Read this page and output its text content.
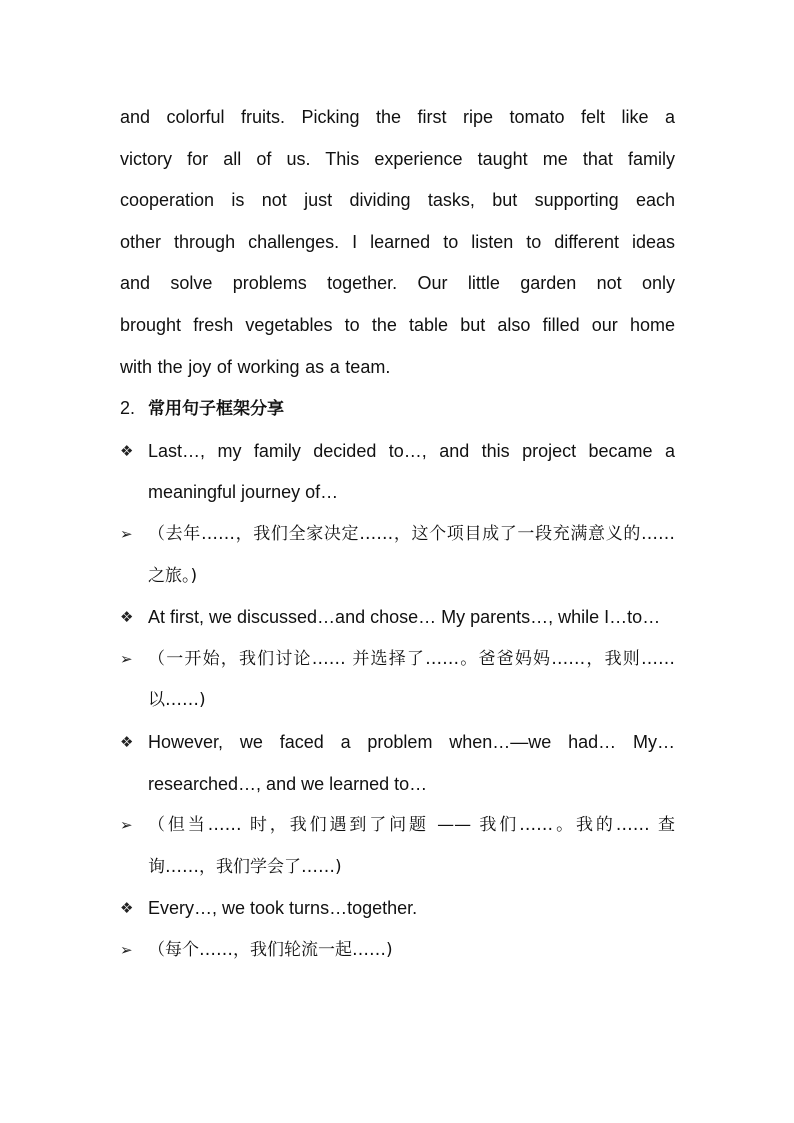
and colorful fruits. Picking the first ripe tomato felt like a

victory for all of us. This experience taught me that family

cooperation is not just dividing tasks, but supporting each

other through challenges. I learned to listen to different ideas

and solve problems together. Our little garden not only

brought fresh vegetables to the table but also filled our home

with the joy of working as a team.

2. 常用句子框架分享
❖ Last…, my family decided to…, and this project became a meaningful journey of…
➢ （去年……，我们全家决定……，这个项目成了一段充满意义的…… 之旅。)
❖ At first, we discussed…and chose… My parents…, while I…to…
➢ （一开始，我们讨论…… 并选择了……。爸爸妈妈……，我则……以……)
❖ However, we faced a problem when…—we had… My…researched…, and we learned to…
➢ （但当…… 时，我们遇到了问题 —— 我们……。我的…… 查询……，我们学会了……)
❖ Every…, we took turns…together.
➢ （每个……，我们轮流一起……)
